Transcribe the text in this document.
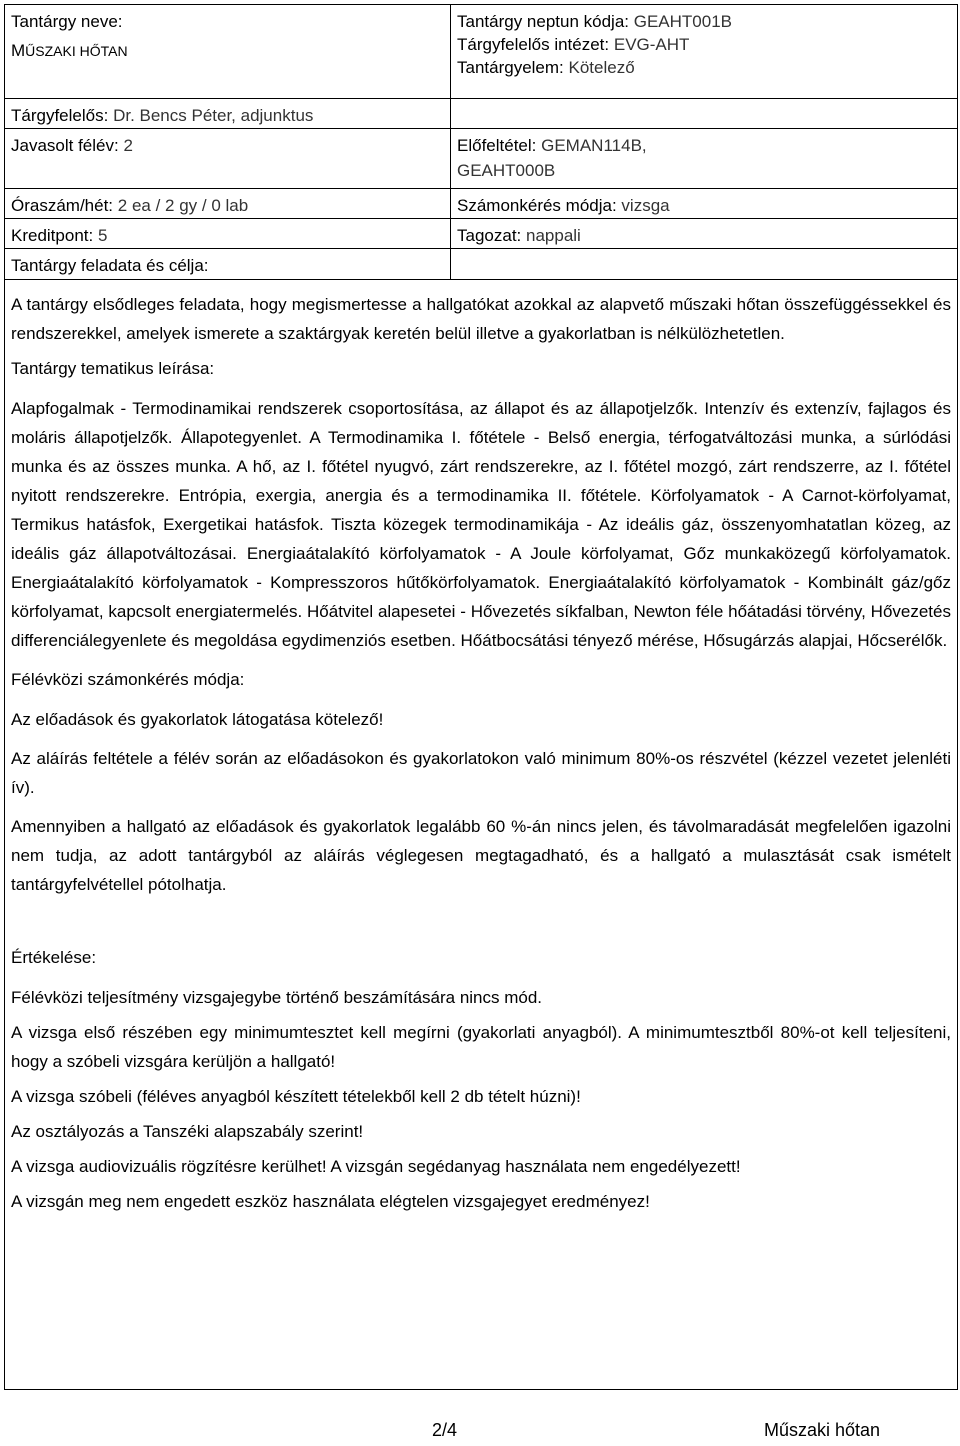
Tantárgy neve:
MŰSZAKI HŐTAN
Tárgyfelelős: Dr. Bencs Péter, adjunktus
Javasolt félév: 2
Óraszám/hét: 2 ea / 2 gy / 0 lab
Kreditpont: 5
Tantárgy feladata és célja:
Tantárgy neptun kódja: GEAHT001B
Tárgyfelelős intézet: EVG-AHT
Tantárgyelem: Kötelező
Előfeltétel: GEMAN114B,
GEAHT000B
Számonkérés módja: vizsga
Tagozat: nappali

A tantárgy elsődleges feladata, hogy megismertesse a hallgatókat azokkal az alapvető műszaki hőtan összefüggéssekkel és rendszerekkel, amelyek ismerete a szaktárgyak keretén belül illetve a gyakorlatban is nélkülözhetetlen.

Tantárgy tematikus leírása:

Alapfogalmak - Termodinamikai rendszerek csoportosítása, az állapot és az állapotjelzők. Intenzív és extenzív, fajlagos és moláris állapotjelzők. Állapotegyenlet. A Termodinamika I. főtétele - Belső energia, térfogatváltozási munka, a súrlódási munka és az összes munka. A hő, az I. főtétel nyugvó, zárt rendszerekre, az I. főtétel mozgó, zárt rendszerre, az I. főtétel nyitott rendszerekre. Entrópia, exergia, anergia és a termodinamika II. főtétele. Körfolyamatok - A Carnot-körfolyamat, Termikus hatásfok, Exergetikai hatásfok. Tiszta közegek termodinamikája - Az ideális gáz, összenyomhatatlan közeg, az ideális gáz állapotváltozásai. Energiaátalakító körfolyamatok - A Joule körfolyamat, Gőz munkaközegű körfolyamatok. Energiaátalakító körfolyamatok - Kompresszoros hűtőkörfolyamatok. Energiaátalakító körfolyamatok - Kombinált gáz/gőz körfolyamat, kapcsolt energiatermelés. Hőátvitel alapesetei - Hővezetés síkfalban, Newton féle hőátadási törvény, Hővezetés differenciálegyenlete és megoldása egydimenziós esetben. Hőátbocsátási tényező mérése, Hősugárzás alapjai, Hőcserélők.

Félévközi számonkérés módja:

Az előadások és gyakorlatok látogatása kötelező!

Az aláírás feltétele a félév során az előadásokon és gyakorlatokon való minimum 80%-os részvétel (kézzel vezetet jelenléti ív).

Amennyiben a hallgató az előadások és gyakorlatok legalább 60 %-án nincs jelen, és távolmaradását megfelelően igazolni nem tudja, az adott tantárgyból az aláírás véglegesen megtagadható, és a hallgató a mulasztását csak ismételt tantárgyfelvétellel pótolhatja.

Értékelése:

Félévközi teljesítmény vizsgajegybe történő beszámítására nincs mód.

A vizsga első részében egy minimumtesztet kell megírni (gyakorlati anyagból). A minimumtesztből 80%-ot kell teljesíteni, hogy a szóbeli vizsgára kerüljön a hallgató!

A vizsga szóbeli (féléves anyagból készített tételekből kell 2 db tételt húzni)!

Az osztályozás a Tanszéki alapszabály szerint!

A vizsga audiovizuális rögzítésre kerülhet! A vizsgán segédanyag használata nem engedélyezett!

A vizsgán meg nem engedett eszköz használata elégtelen vizsgajegyet eredményez!

2/4	Műszaki hőtan
